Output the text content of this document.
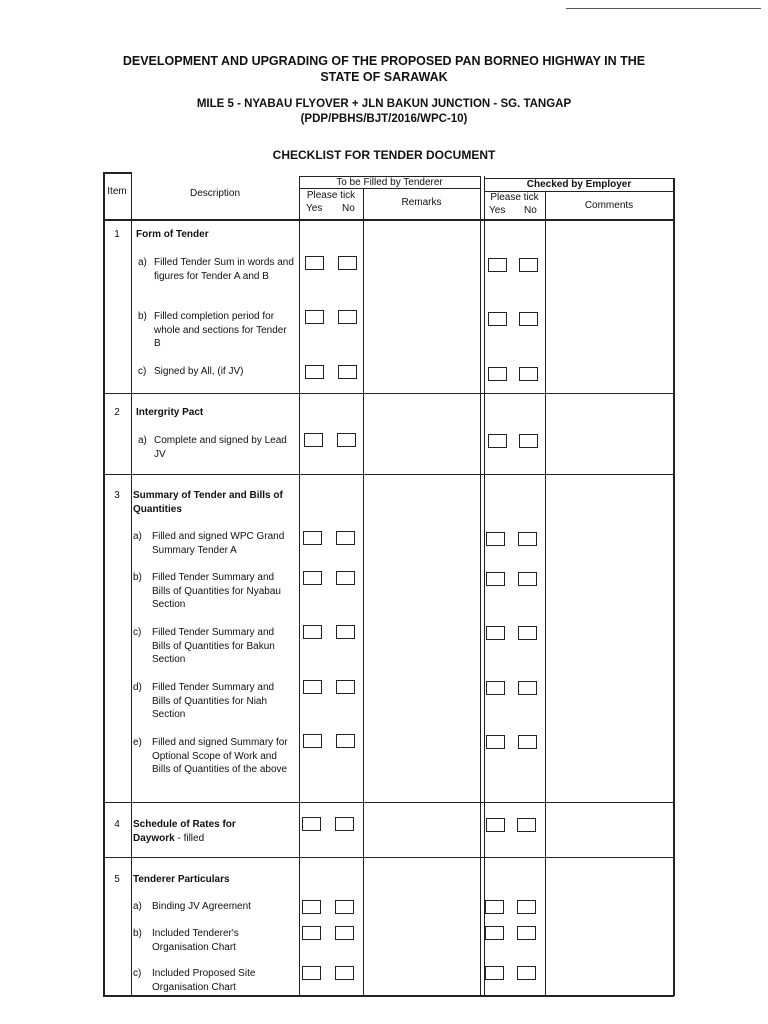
DEVELOPMENT AND UPGRADING OF THE PROPOSED PAN BORNEO HIGHWAY IN THE
STATE OF SARAWAK
MILE 5 - NYABAU FLYOVER + JLN BAKUN JUNCTION - SG. TANGAP
(PDP/PBHS/BJT/2016/WPC-10)
CHECKLIST FOR TENDER DOCUMENT
Item	Description
To be Filled by Tenderer
Please tick
Yes	No
Remarks
Checked by Employer
Please tick
Yes	No	Comments
1	Form of Tender
a) Filled Tender Sum in words and figures for Tender A and B
b) Filled completion period for whole and sections for Tender B
c) Signed by All, (if JV)
2	Intergrity Pact
a) Complete and signed by Lead JV
3	Summary of Tender and Bills of Quantities
a)	Filled and signed WPC Grand Summary Tender A
b)	Filled Tender Summary and Bills of Quantities for Nyabau Section
c)	Filled Tender Summary and Bills of Quantities for Bakun Section
d)	Filled Tender Summary and Bills of Quantities for Niah Section
e)	Filled and signed Summary for Optional Scope of Work and Bills of Quantities of the above
4	Schedule of Rates for Daywork - filled
5	Tenderer Particulars
a)	Binding JV Agreement
b)	Included Tenderer's Organisation Chart
c)	Included Proposed Site Organisation Chart
